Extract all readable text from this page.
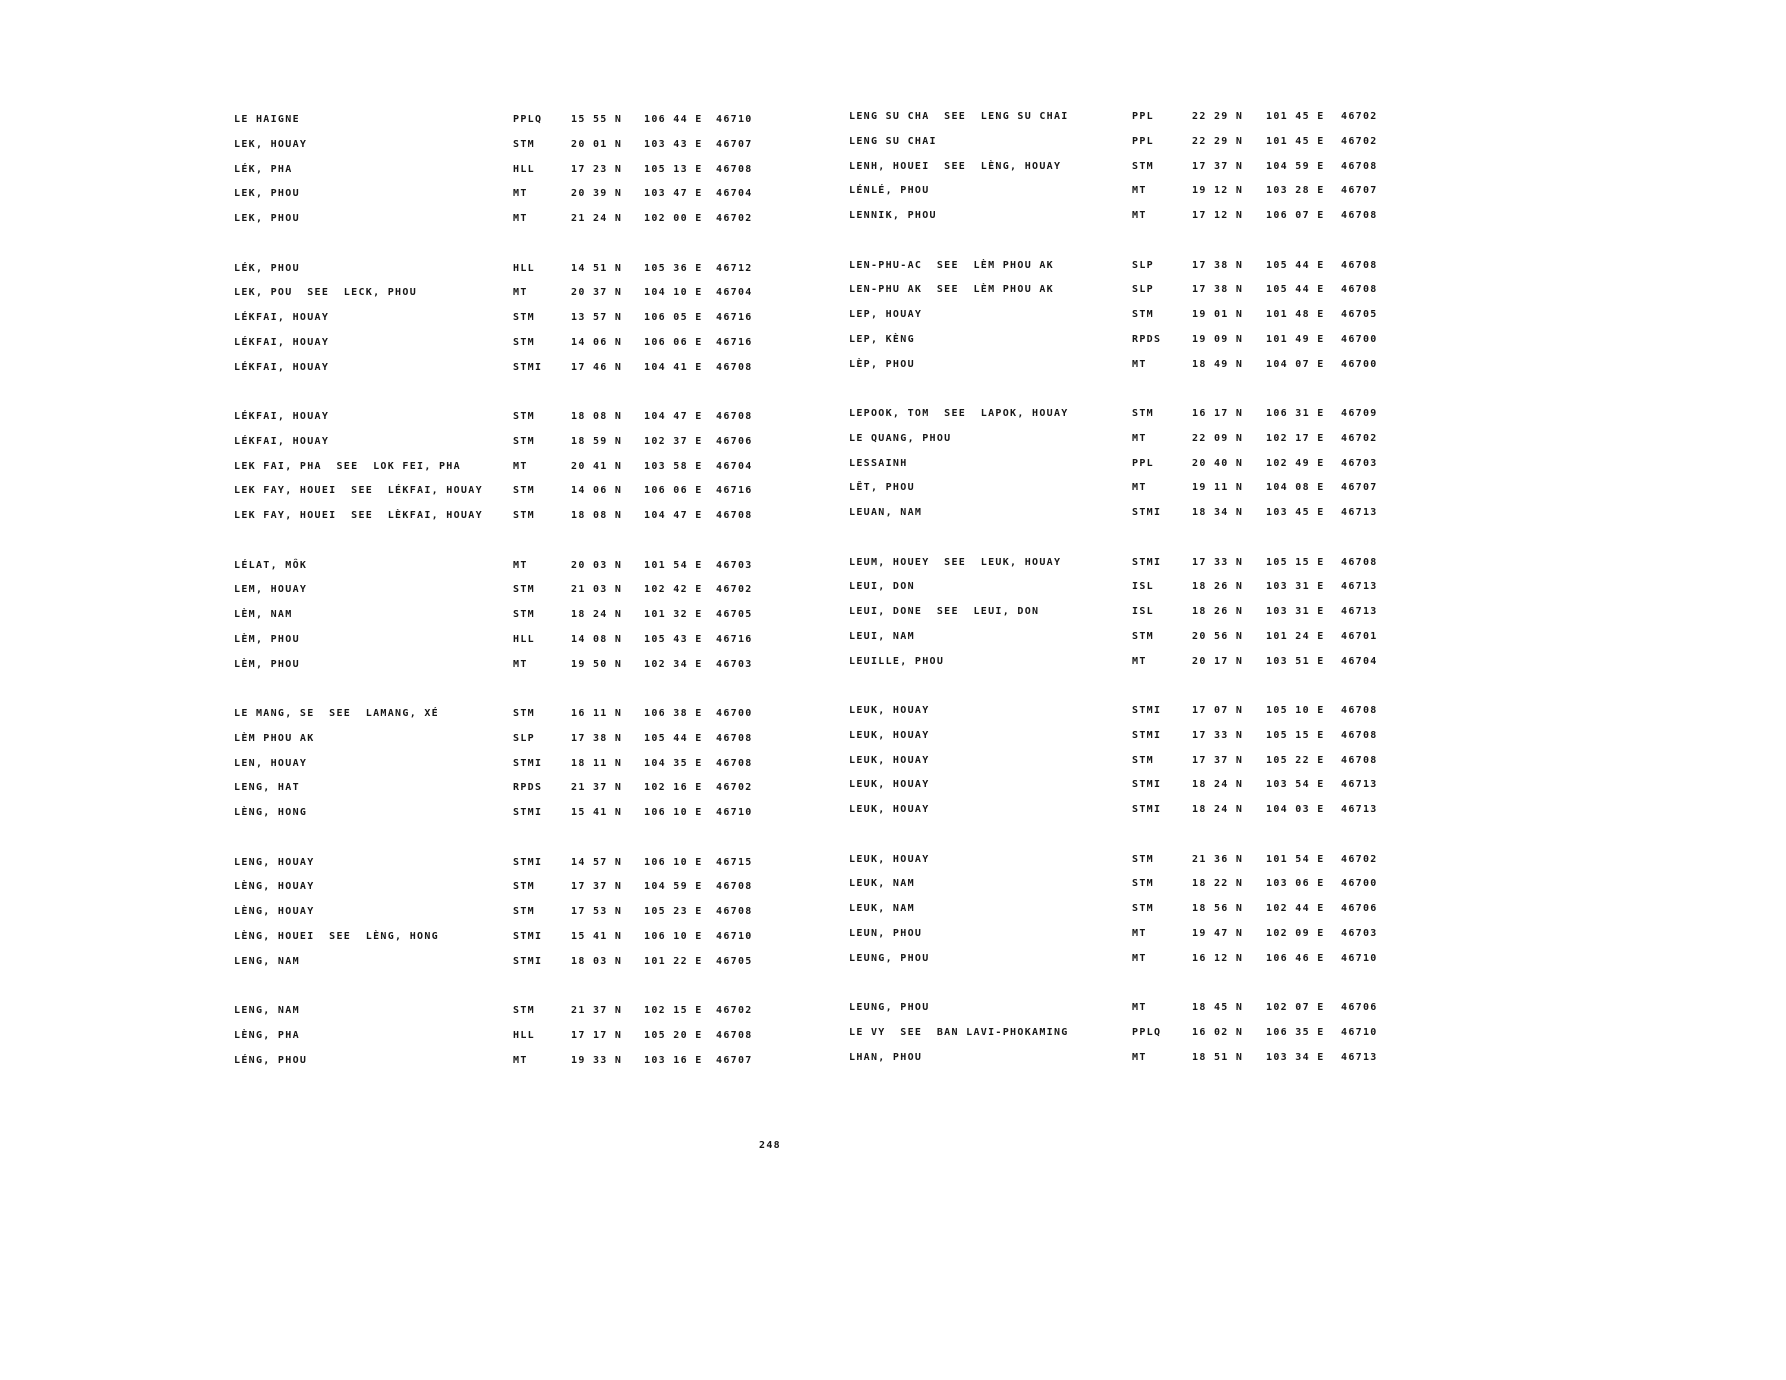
LE HAIGNE	PPLQ	15 55 N 106 44 E 46710
LEK, HOUAY	STM	20 01 N 103 43 E 46707
LÉK, PHA	HLL	17 23 N 105 13 E 46708
LEK, PHOU	MT	20 39 N 103 47 E 46704
LEK, PHOU	MT	21 24 N 102 00 E 46702
LÉK, PHOU	HLL	14 51 N 105 36 E 46712
LEK, POU  SEE  LECK, PHOU	MT	20 37 N 104 10 E 46704
LÉKFAI, HOUAY	STM	13 57 N 106 05 E 46716
LÉKFAI, HOUAY	STM	14 06 N 106 06 E 46716
LÉKFAI, HOUAY	STMI	17 46 N 104 41 E 46708
LÉKFAI, HOUAY	STM	18 08 N 104 47 E 46708
LÉKFAI, HOUAY	STM	18 59 N 102 37 E 46706
LEK FAI, PHA  SEE  LOK FEI, PHA	MT	20 41 N 103 58 E 46704
LEK FAY, HOUEI  SEE  LÉKFAI, HOUAY	STM	14 06 N 106 06 E 46716
LEK FAY, HOUEI  SEE  LÈKFAI, HOUAY	STM	18 08 N 104 47 E 46708
LÉLAT, MÔK	MT	20 03 N 101 54 E 46703
LEM, HOUAY	STM	21 03 N 102 42 E 46702
LÈM, NAM	STM	18 24 N 101 32 E 46705
LÈM, PHOU	HLL	14 08 N 105 43 E 46716
LÈM, PHOU	MT	19 50 N 102 34 E 46703
LE MANG, SE  SEE  LAMANG, XÉ	STM	16 11 N 106 38 E 46700
LÈM PHOU AK	SLP	17 38 N 105 44 E 46708
LEN, HOUAY	STMI	18 11 N 104 35 E 46708
LENG, HAT	RPDS	21 37 N 102 16 E 46702
LÈNG, HONG	STMI	15 41 N 106 10 E 46710
LENG, HOUAY	STMI	14 57 N 106 10 E 46715
LÈNG, HOUAY	STM	17 37 N 104 59 E 46708
LÈNG, HOUAY	STM	17 53 N 105 23 E 46708
LÈNG, HOUEI  SEE  LÈNG, HONG	STMI	15 41 N 106 10 E 46710
LENG, NAM	STMI	18 03 N 101 22 E 46705
LENG, NAM	STM	21 37 N 102 15 E 46702
LÈNG, PHA	HLL	17 17 N 105 20 E 46708
LÉNG, PHOU	MT	19 33 N 103 16 E 46707
LENG SU CHA  SEE  LENG SU CHAI	PPL	22 29 N 101 45 E 46702
LENG SU CHAI	PPL	22 29 N 101 45 E 46702
LENH, HOUEI  SEE  LÈNG, HOUAY	STM	17 37 N 104 59 E 46708
LÉNLÉ, PHOU	MT	19 12 N 103 28 E 46707
LENNIK, PHOU	MT	17 12 N 106 07 E 46708
LEN-PHU-AC  SEE  LÈM PHOU AK	SLP	17 38 N 105 44 E 46708
LEN-PHU AK  SEE  LÈM PHOU AK	SLP	17 38 N 105 44 E 46708
LEP, HOUAY	STM	19 01 N 101 48 E 46705
LEP, KÈNG	RPDS	19 09 N 101 49 E 46700
LÈP, PHOU	MT	18 49 N 104 07 E 46700
LEPOOK, TOM  SEE  LAPOK, HOUAY	STM	16 17 N 106 31 E 46709
LE QUANG, PHOU	MT	22 09 N 102 17 E 46702
LESSAINH	PPL	20 40 N 102 49 E 46703
LÊT, PHOU	MT	19 11 N 104 08 E 46707
LEUAN, NAM	STMI	18 34 N 103 45 E 46713
LEUM, HOUEY  SEE  LEUK, HOUAY	STMI	17 33 N 105 15 E 46708
LEUI, DON	ISL	18 26 N 103 31 E 46713
LEUI, DONE  SEE  LEUI, DON	ISL	18 26 N 103 31 E 46713
LEUI, NAM	STM	20 56 N 101 24 E 46701
LEUILLE, PHOU	MT	20 17 N 103 51 E 46704
LEUK, HOUAY	STMI	17 07 N 105 10 E 46708
LEUK, HOUAY	STMI	17 33 N 105 15 E 46708
LEUK, HOUAY	STM	17 37 N 105 22 E 46708
LEUK, HOUAY	STMI	18 24 N 103 54 E 46713
LEUK, HOUAY	STMI	18 24 N 104 03 E 46713
LEUK, HOUAY	STM	21 36 N 101 54 E 46702
LEUK, NAM	STM	18 22 N 103 06 E 46700
LEUK, NAM	STM	18 56 N 102 44 E 46706
LEUN, PHOU	MT	19 47 N 102 09 E 46703
LEUNG, PHOU	MT	16 12 N 106 46 E 46710
LEUNG, PHOU	MT	18 45 N 102 07 E 46706
LE VY  SEE  BAN LAVI-PHOKAMING	PPLQ	16 02 N 106 35 E 46710
LHAN, PHOU	MT	18 51 N 103 34 E 46713
248
